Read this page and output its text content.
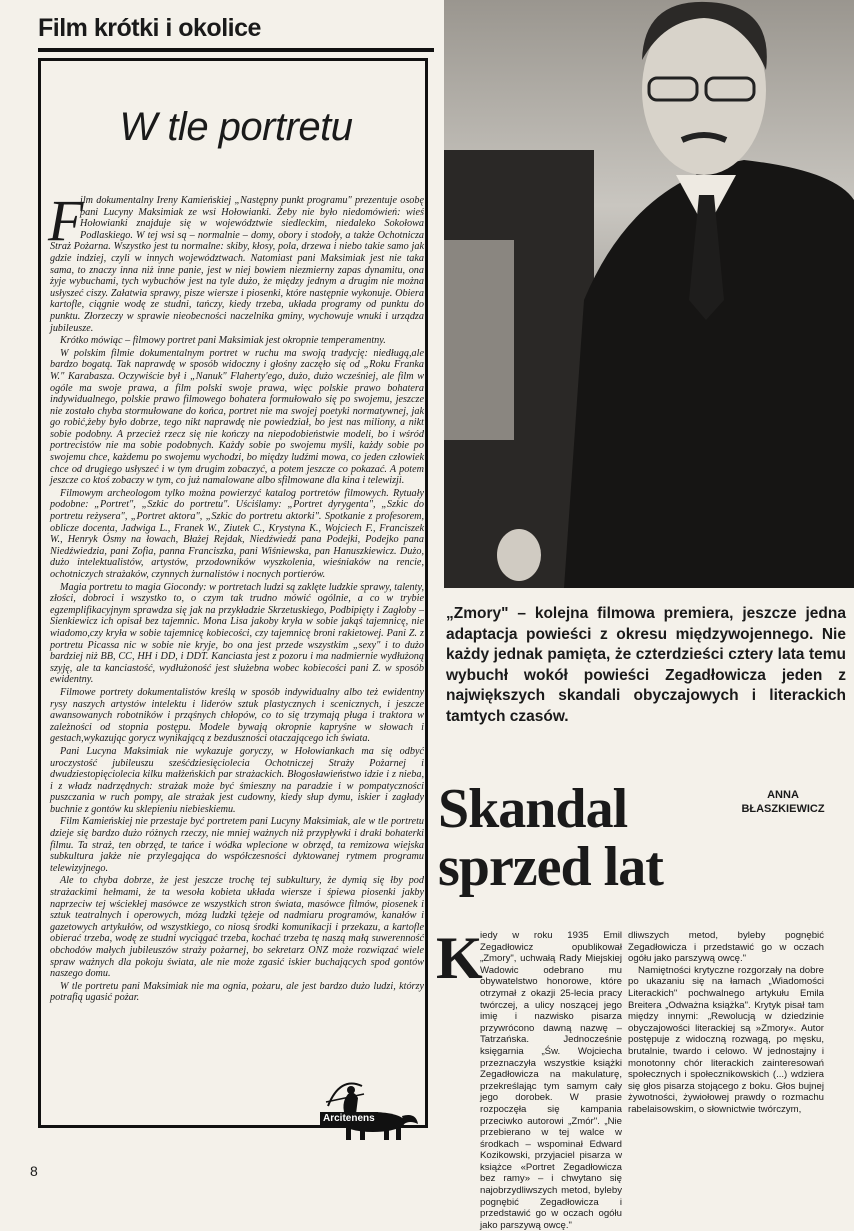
Film krótki i okolice
W tle portretu
F

ilm dokumentalny Ireny Kamieńskiej „Następny punkt programu" prezentuje osobę pani Lucyny Maksimiak ze wsi Hołowianki. Żeby nie było niedomówień: wieś Hołowianki znajduje się w województwie siedleckim, niedaleko Sokołowa Podlaskiego. W tej wsi są – normalnie – domy, obory i stodoły, a także Ochotnicza Straż Pożarna. Wszystko jest tu normalne: skiby, kłosy, pola, drzewa i niebo takie samo jak gdzie indziej, czyli w innych województwach. Natomiast pani Maksimiak jest nie taka sama, to znaczy inna niż inne panie, jest w niej bowiem niezmierny zapas dynamitu, ona żyje wybuchami, tych wybuchów jest na tyle dużo, że między jednym a drugim nie można usłyszeć ciszy. Załatwia sprawy, pisze wiersze i piosenki, które następnie wykonuje. Obiera kartofle, ciągnie wodę ze studni, tańczy, kiedy trzeba, układa programy od punktu do punktu. Złorzeczy w sprawie nieobecności naczelnika gminy, wychowuje wnuki i urządza jubileusze.

Krótko mówiąc – filmowy portret pani Maksimiak jest okropnie temperamentny.

W polskim filmie dokumentalnym portret w ruchu ma swoją tradycję: niedługą,ale bardzo bogatą. Tak naprawdę w sposób widoczny i głośny zaczęło się od „Roku Franka W." Karabasza. Oczywiście był i „Nanuk" Flaherty'ego, dużo, dużo wcześniej, ale film w ogóle ma swoje prawa, a film polski swoje prawa, więc polskie prawo bohatera indywidualnego, polskie prawo filmowego bohatera formułowało się po swojemu, jeszcze nie zostało chyba stormułowane do końca, portret nie ma swojej poetyki normatywnej, jak go robić,żeby było dobrze, tego nikt naprawdę nie powiedział, bo jest nas miliony, a nikt sobie podobny. A przecież rzecz się nie kończy na niepodobieństwie modeli, bo i wśród portrecistów nie ma sobie podobnych. Każdy sobie po swojemu myśli, każdy sobie po swojemu chce, każdemu po swojemu wychodzi, bo między ludźmi mowa, co jeden człowiek chce od drugiego usłyszeć i w tym drugim zobaczyć, a potem jeszcze co pokazać. A potem jeszcze co ktoś zobaczy w tym, co już namalowane albo sfilmowane dla kina i telewizji.

Filmowym archeologom tylko można powierzyć katalog portretów filmowych. Rytuały podobne: „Portret", „Szkic do portretu". Uściślamy: „Portret dyrygenta", „Szkic do portretu reżysera", „Portret aktora", „Szkic do portretu aktorki". Spotkanie z profesorem, oblicze docenta, Jadwiga L., Franek W., Ziutek C., Krystyna K., Wojciech F., Franciszek W., Henryk Ósmy na łowach, Błażej Rejdak, Niedźwiedź pana Podejki, Podejko pana Niedźwiedzia, pani Zofia, panna Franciszka, pani Wiśniewska, pan Hanuszkiewicz. Dużo, dużo intelektualistów, artystów, przodowników wyszkolenia, wieśniaków na rencie, ochotniczych strażaków, czynnych żurnalistów i nocnych portierów.

Magia portretu to magia Giocondy: w portretach ludzi są zaklęte ludzkie sprawy, talenty, złości, dobroci i wszystko to, o czym tak trudno mówić ogólnie, a co w trybie egzemplifikacyjnym sprawdza się jak na przykładzie Skrzetuskiego, Podbipięty i Zagłoby – Sienkiewicz ich opisał bez tajemnic. Mona Lisa jakoby kryła w sobie jakąś tajemnicę, nie wiadomo,czy kryła w sobie tajemnicę kobiecości, czy tajemnicę broni rakietowej. Pani Z. z portretu Picassa nic w sobie nie kryje, bo ona jest przede wszystkim „sexy" i to dużo bardziej niż BB, CC, HH i DD, i DDT. Kanciasta jest z pozoru i ma nadmiernie wydłużoną szyję, ale ta kanciastość, wydłużoność jest służebna wobec kobiecości pani Z. w sposób ewidentny.

Filmowe portrety dokumentalistów kreślą w sposób indywidualny albo też ewidentny rysy naszych artystów intelektu i liderów sztuk plastycznych i scenicznych, i jeszcze awansowanych robotników i prząśnych chłopów, co to się trzymają pługa i traktora w zależności od stopnia postępu. Modele bywają okropnie kapryśne w słowach i gestach,wykazując gorycz wynikającą z bezduszności otaczającego ich świata.

Pani Lucyna Maksimiak nie wykazuje goryczy, w Hołowiankach ma się odbyć uroczystość jubileuszu sześćdziesięciolecia Ochotniczej Straży Pożarnej i dwudziestopięciolecia kilku małżeńskich par strażackich. Błogosławieństwo idzie i z nieba, i z władz nadrzędnych: strażak może być śmieszny na paradzie i w pompatyczności puszczania w ruch pompy, ale strażak jest cudowny, kiedy słup dymu, iskier i zagłady buchnie z gontów ku sklepieniu niebieskiemu.

Film Kamieńskiej nie przestaje być portretem pani Lucyny Maksimiak, ale w tle portretu dzieje się bardzo dużo różnych rzeczy, nie mniej ważnych niż przypływki i draki bohaterki filmu. Ta straż, ten obrzęd, te tańce i wódka wplecione w obrzęd, ta remizowa wiejska subkultura jakże nie przylegająca do współczesności dyktowanej rytmem programu telewizyjnego.

Ale to chyba dobrze, że jest jeszcze trochę tej subkultury, że dymią się łby pod strażackimi hełmami, że ta wesoła kobieta układa wiersze i śpiewa piosenki jakby naprzeciw tej wściekłej masówce ze wszystkich stron świata, masówce filmów, piosenek i sztuk teatralnych i operowych, mózg ludzki tężeje od nadmiaru programów, kanałów i gazetowych artykułów, od wszystkiego, co niosą środki komunikacji i przekazu, a kartofle obierać trzeba, wodę ze studni wyciągać trzeba, kochać trzeba tę naszą małą suwerenność obchodów małych jubileuszów straży pożarnej, bo sekretarz ONZ może rozwiązać wiele spraw ważnych dla pokoju świata, ale nie może zgasić iskier buchających spod gontów naszego domu.

W tle portretu pani Maksimiak nie ma ognia, pożaru, ale jest bardzo dużo ludzi, którzy potrafią ugasić pożar.

Arcitenens
8
„Zmory" – kolejna filmowa premiera, jeszcze jedna adaptacja powieści z okresu międzywojennego. Nie każdy jednak pamięta, że czterdzieści cztery lata temu wybuchł wokół powieści Zegadłowicza jeden z największych skandali obyczajowych i literackich tamtych czasów.
Skandal
sprzed lat
ANNA
BŁASZKIEWICZ
K

iedy w roku 1935 Emil Zegadłowicz opublikował „Zmory", uchwałą Rady Miejskiej Wadowic odebrano mu obywatelstwo honorowe, które otrzymał z okazji 25-lecia pracy twórczej, a ulicy noszącej jego imię i nazwisko pisarza przywrócono dawną nazwę – Tatrzańska. Jednocześnie księgarnia „Św. Wojciecha przeznaczyła wszystkie książki Zegadłowicza na makulaturę, przekreślając tym samym cały jego dorobek. W prasie rozpoczęła się kampania przeciwko autorowi „Zmór". „Nie przebierano w tej walce w środkach – wspominał Edward Kozikowski, przyjaciel pisarza w książce «Portret Zegadłowicza bez ramy» – i chwytano się najobrzydliwszych metod, byleby pognębić Zegadłowicza i przedstawić go w oczach ogółu jako parszywą owcę."

dliwszych metod, byleby pognębić Zegadłowicza i przedstawić go w oczach ogółu jako parszywą owcę."

Namiętności krytyczne rozgorzały na dobre po ukazaniu się na łamach „Wiadomości Literackich" pochwalnego artykułu Emila Breitera „Odważna książka". Krytyk pisał tam między innymi: „Rewolucją w dziedzinie obyczajowości literackiej są »Zmory«. Autor postępuje z widoczną rozwagą, po męsku, brutalnie, twardo i celowo. W jednostajny i monotonny chór literackich zainteresowań społecznych i społecznikowskich (...) wdziera się głos pisarza stojącego z boku. Głos bujnej żywotności, żywiołowej prawdy o rozmachu rabelaisowskim, o słownictwie twórczym,
